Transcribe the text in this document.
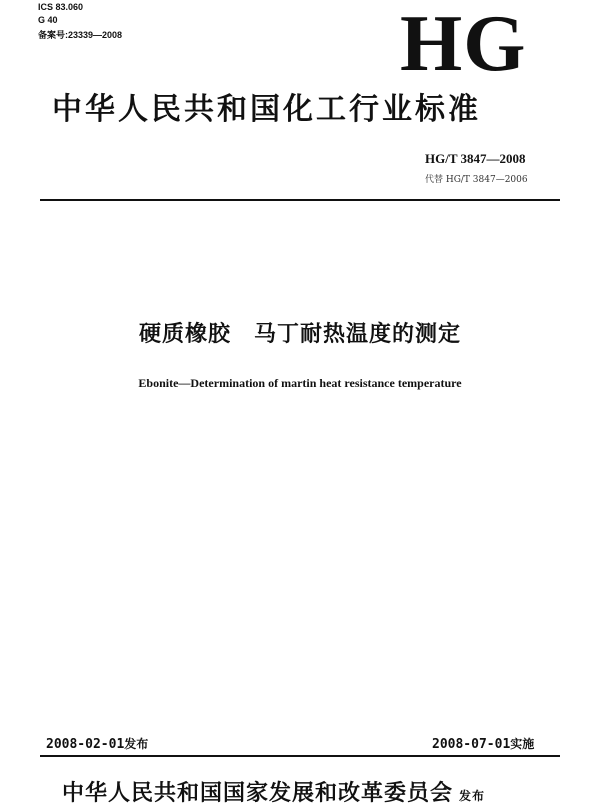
ICS 83.060
G 40
备案号:23339—2008	HG
中华人民共和国化工行业标准
HG/T 3847—2008
代替 HG/T 3847—2006
硬质橡胶　马丁耐热温度的测定
Ebonite—Determination of martin heat resistance temperature
2008-02-01发布	2008-07-01实施
中华人民共和国国家发展和改革委员会 发布
